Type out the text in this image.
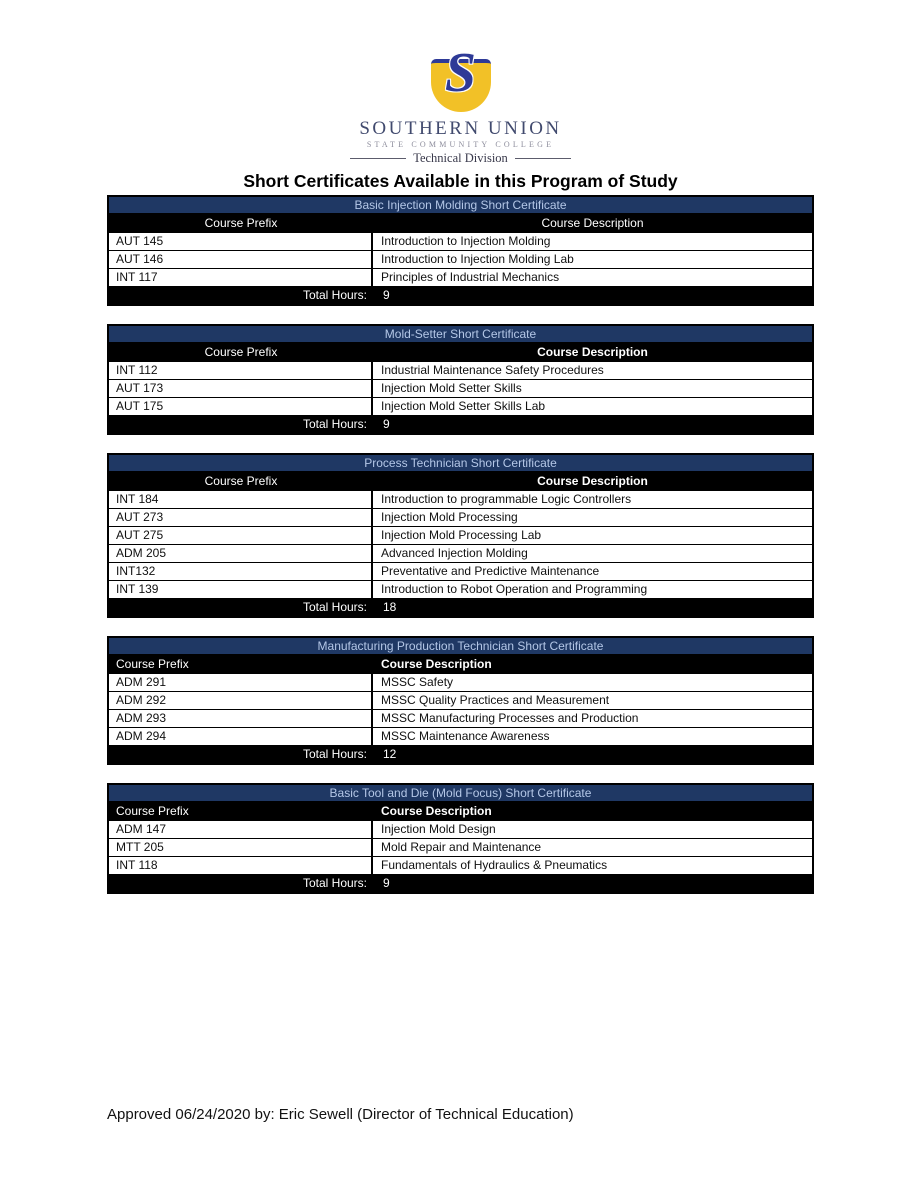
S
SOUTHERN UNION
STATE COMMUNITY COLLEGE
Technical Division
Short Certificates Available in this Program of Study
Basic Injection Molding Short Certificate
Course Prefix	Course Description
AUT 145	Introduction to Injection Molding
AUT 146	Introduction to Injection Molding Lab
INT 117	Principles of Industrial Mechanics
Total Hours:	9
Mold-Setter Short Certificate
Course Prefix	Course Description
INT 112	Industrial Maintenance Safety Procedures
AUT 173	Injection Mold Setter Skills
AUT 175	Injection Mold Setter Skills Lab
Total Hours:	9
Process Technician Short Certificate
Course Prefix	Course Description
INT 184	Introduction to programmable Logic Controllers
AUT 273	Injection Mold Processing
AUT 275	Injection Mold Processing Lab
ADM 205	Advanced Injection Molding
INT132	Preventative and Predictive Maintenance
INT 139	Introduction to Robot Operation and Programming
Total Hours:	18
Manufacturing Production Technician Short Certificate
Course Prefix	Course Description
ADM 291	MSSC Safety
ADM 292	MSSC Quality Practices and Measurement
ADM 293	MSSC Manufacturing Processes and Production
ADM 294	MSSC Maintenance Awareness
Total Hours:	12
Basic Tool and Die (Mold Focus) Short Certificate
Course Prefix	Course Description
ADM 147	Injection Mold Design
MTT 205	Mold Repair and Maintenance
INT 118	Fundamentals of Hydraulics & Pneumatics
Total Hours:	9
Approved 06/24/2020 by: Eric Sewell (Director of Technical Education)
